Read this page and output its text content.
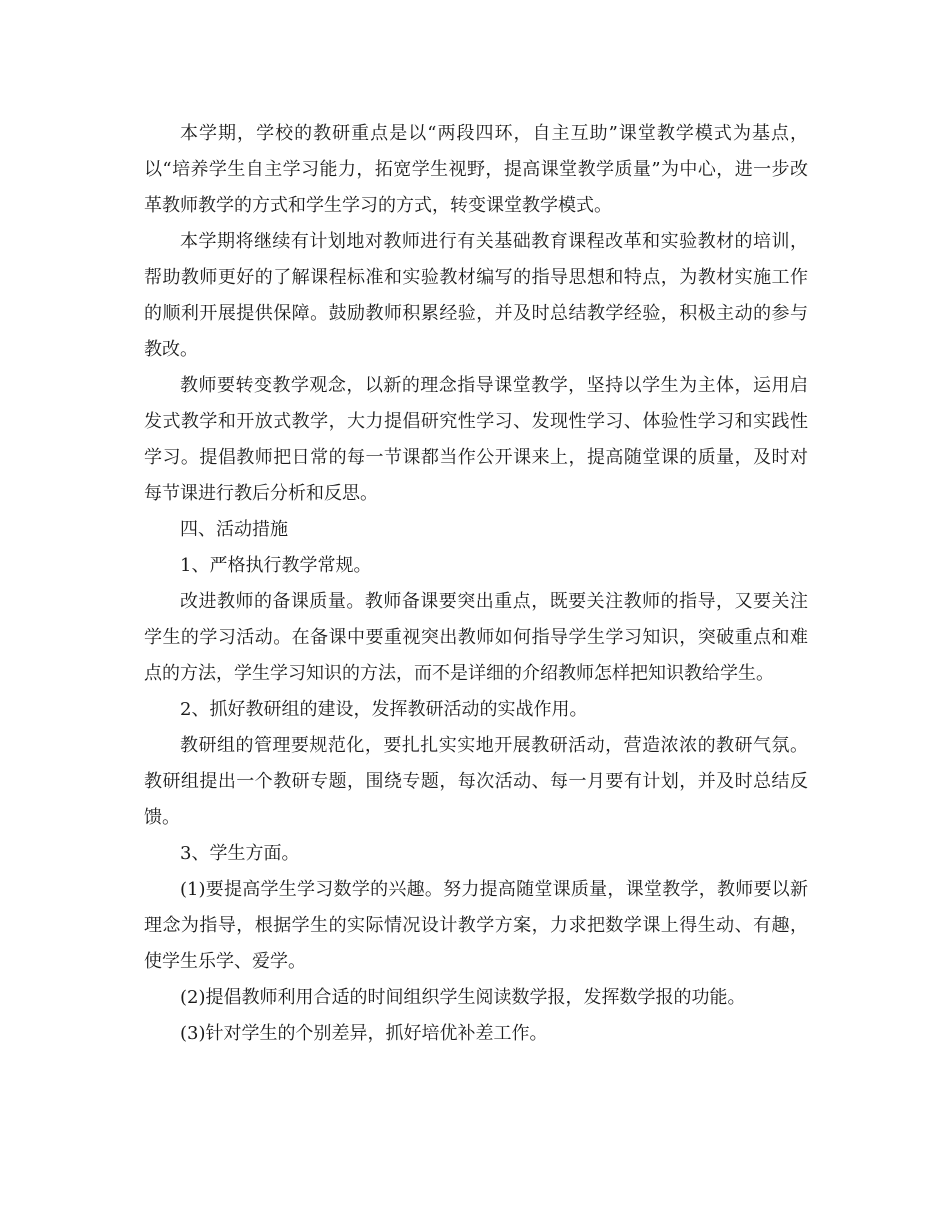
本学期，学校的教研重点是以“两段四环，自主互助”课堂教学模式为基点，以“培养学生自主学习能力，拓宽学生视野，提高课堂教学质量”为中心，进一步改革教师教学的方式和学生学习的方式，转变课堂教学模式。

本学期将继续有计划地对教师进行有关基础教育课程改革和实验教材的培训，帮助教师更好的了解课程标准和实验教材编写的指导思想和特点，为教材实施工作的顺利开展提供保障。鼓励教师积累经验，并及时总结教学经验，积极主动的参与教改。

教师要转变教学观念，以新的理念指导课堂教学，坚持以学生为主体，运用启发式教学和开放式教学，大力提倡研究性学习、发现性学习、体验性学习和实践性学习。提倡教师把日常的每一节课都当作公开课来上，提高随堂课的质量，及时对每节课进行教后分析和反思。

四、活动措施

1、严格执行教学常规。

改进教师的备课质量。教师备课要突出重点，既要关注教师的指导，又要关注学生的学习活动。在备课中要重视突出教师如何指导学生学习知识，突破重点和难点的方法，学生学习知识的方法，而不是详细的介绍教师怎样把知识教给学生。

2、抓好教研组的建设，发挥教研活动的实战作用。

教研组的管理要规范化，要扎扎实实地开展教研活动，营造浓浓的教研气氛。教研组提出一个教研专题，围绕专题，每次活动、每一月要有计划，并及时总结反馈。

3、学生方面。

(1)要提高学生学习数学的兴趣。努力提高随堂课质量，课堂教学，教师要以新理念为指导，根据学生的实际情况设计教学方案，力求把数学课上得生动、有趣，使学生乐学、爱学。

(2)提倡教师利用合适的时间组织学生阅读数学报，发挥数学报的功能。

(3)针对学生的个别差异，抓好培优补差工作。
